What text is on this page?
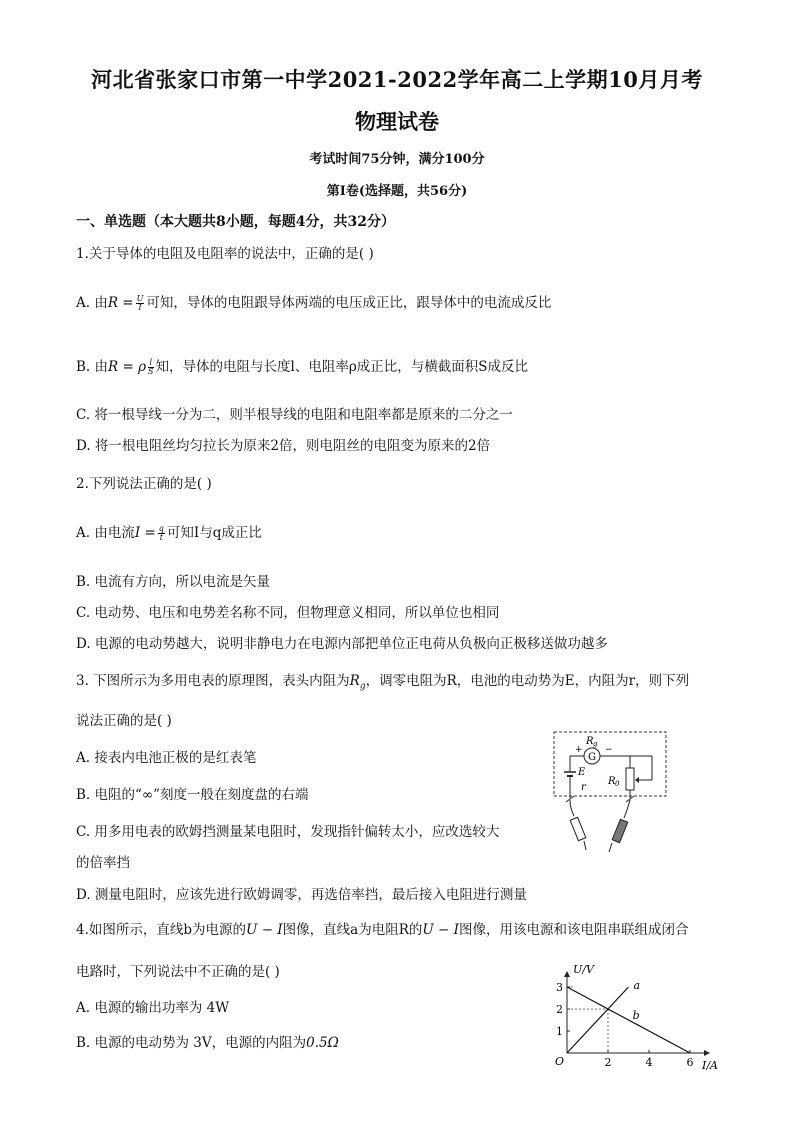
河北省张家口市第一中学2021-2022学年高二上学期10月月考
物理试卷
考试时间75分钟，满分100分
第Ⅰ卷(选择题，共56分)
一、单选题（本大题共8小题，每题4分，共32分）
1.关于导体的电阻及电阻率的说法中，正确的是( )
A. 由$R = \frac{U}{I}$ 可知，导体的电阻跟导体两端的电压成正比，跟导体中的电流成反比
B. 由R = ρ $\frac{l}{S}$ 知，导体的电阻与长度l、电阻率ρ成正比，与横截面积S成反比
C. 将一根导线一分为二，则半根导线的电阻和电阻率都是原来的二分之一
D. 将一根电阻丝均匀拉长为原来2倍，则电阻丝的电阻变为原来的2倍
2.下列说法正确的是( )
A. 由电流$I = \frac{q}{t}$ 可知I与q成正比
B. 电流有方向，所以电流是矢量
C. 电动势、电压和电势差名称不同，但物理意义相同，所以单位也相同
D. 电源的电动势越大，说明非静电力在电源内部把单位正电荷从负极向正极移送做功越多
3. 下图所示为多用电表的原理图，表头内阻为$R_g$，调零电阻为R，电池的电动势为E，内阻为r，则下列
说法正确的是( )
A. 接表内电池正极的是红表笔
B. 电阻的“∞”刻度一般在刻度盘的右端
C. 用多用电表的欧姆挡测量某电阻时，发现指针偏转太小，应改选较大
的倍率挡
D. 测量电阻时，应该先进行欧姆调零，再选倍率挡，最后接入电阻进行测量
G
R g
+ −
E
r
R 0
4.如图所示，直线b为电源的U − I图像，直线a为电阻R的U − I图像，用该电源和该电阻串联组成闭合
电路时，下列说法中不正确的是( )
A. 电源的输出功率为 4W
B. 电源的电动势为 3V，电源的内阻为0.5Ω
U/V
I/A
O	2	4	6
1
2
3	a
b
